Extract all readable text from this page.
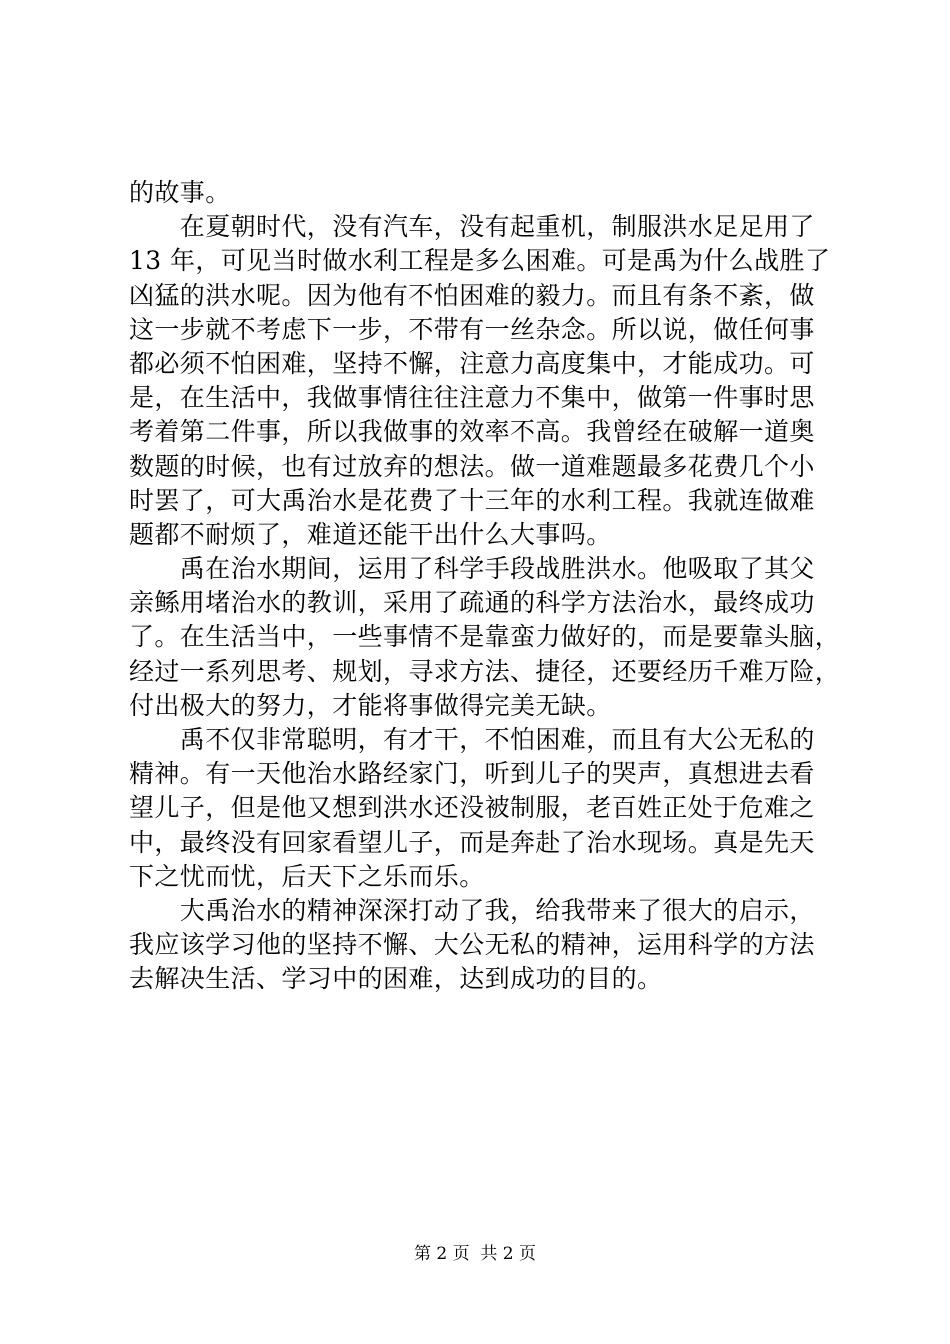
的故事。
　　在夏朝时代，没有汽车，没有起重机，制服洪水足足用了
13 年，可见当时做水利工程是多么困难。可是禹为什么战胜了
凶猛的洪水呢。因为他有不怕困难的毅力。而且有条不紊，做
这一步就不考虑下一步，不带有一丝杂念。所以说，做任何事
都必须不怕困难，坚持不懈，注意力高度集中，才能成功。可
是，在生活中，我做事情往往注意力不集中，做第一件事时思
考着第二件事，所以我做事的效率不高。我曾经在破解一道奥
数题的时候，也有过放弃的想法。做一道难题最多花费几个小
时罢了，可大禹治水是花费了十三年的水利工程。我就连做难
题都不耐烦了，难道还能干出什么大事吗。
　　禹在治水期间，运用了科学手段战胜洪水。他吸取了其父
亲鲧用堵治水的教训，采用了疏通的科学方法治水，最终成功
了。在生活当中，一些事情不是靠蛮力做好的，而是要靠头脑，
经过一系列思考、规划，寻求方法、捷径，还要经历千难万险，
付出极大的努力，才能将事做得完美无缺。
　　禹不仅非常聪明，有才干，不怕困难，而且有大公无私的
精神。有一天他治水路经家门，听到儿子的哭声，真想进去看
望儿子，但是他又想到洪水还没被制服，老百姓正处于危难之
中，最终没有回家看望儿子，而是奔赴了治水现场。真是先天
下之忧而忧，后天下之乐而乐。
　　大禹治水的精神深深打动了我，给我带来了很大的启示，
我应该学习他的坚持不懈、大公无私的精神，运用科学的方法
去解决生活、学习中的困难，达到成功的目的。
第 2 页  共 2 页
